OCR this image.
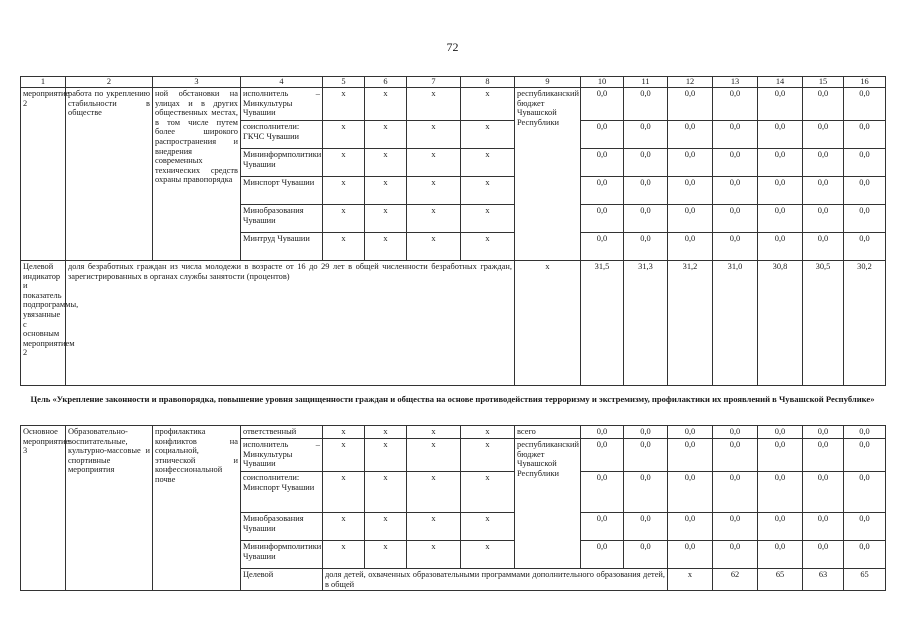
72
1	2	3	4	5	6	7	8	9	10	11	12	13	14	15	16
мероприятие 2	работа по укреплению стабильности в обществе	ной обстановки на улицах и в других общественных местах, в том числе путем более широкого распространения и внедрения современных технических средств охраны правопорядка	исполнитель – Минкультуры Чувашии	x	x	x	x	республиканский бюджет Чувашской Республики	0,0	0,0	0,0	0,0	0,0	0,0	0,0
			соисполнители: ГКЧС Чувашии	x	x	x	x		0,0	0,0	0,0	0,0	0,0	0,0	0,0
			Мининформполитики Чувашии	x	x	x	x		0,0	0,0	0,0	0,0	0,0	0,0	0,0
			Минспорт Чувашии	x	x	x	x		0,0	0,0	0,0	0,0	0,0	0,0	0,0
			Минобразования Чувашии	x	x	x	x		0,0	0,0	0,0	0,0	0,0	0,0	0,0
			Минтруд Чувашии	x	x	x	x		0,0	0,0	0,0	0,0	0,0	0,0	0,0
Целевой индикатор и показатель подпрограммы, увязанные с основным мероприятием 2	доля безработных граждан из числа молодежи в возрасте от 16 до 29 лет в общей численности безработных граждан, зарегистрированных в органах службы занятости (процентов)							x	31,5	31,3	31,2	31,0	30,8	30,5	30,2
Цель «Укрепление законности и правопорядка, повышение уровня защищенности граждан и общества на основе противодействия терроризму и экстремизму, профилактики их проявлений в Чувашской Республике»
Основное мероприятие 3	Образовательно-воспитательные, культурно-массовые и спортивные мероприятия	профилактика конфликтов на социальной, этнической и конфессиональной почве	ответственный	x	x	x	x	всего	0,0	0,0	0,0	0,0	0,0	0,0	0,0	
			исполнитель – Минкультуры Чувашии	x	x	x	x	республиканский бюджет Чувашской Республики	0,0	0,0	0,0	0,0	0,0	0,0	0,0	
			соисполнители: Минспорт Чувашии	x	x	x	x		0,0	0,0	0,0	0,0	0,0	0,0	0,0	
			Минобразования Чувашии	x	x	x	x		0,0	0,0	0,0	0,0	0,0	0,0	0,0	
			Мининформполитики Чувашии	x	x	x	x		0,0	0,0	0,0	0,0	0,0	0,0	0,0	
			Целевой	доля детей, охваченных образовательными программами дополнительного образования детей, в общей							x	62	65	63	65			
